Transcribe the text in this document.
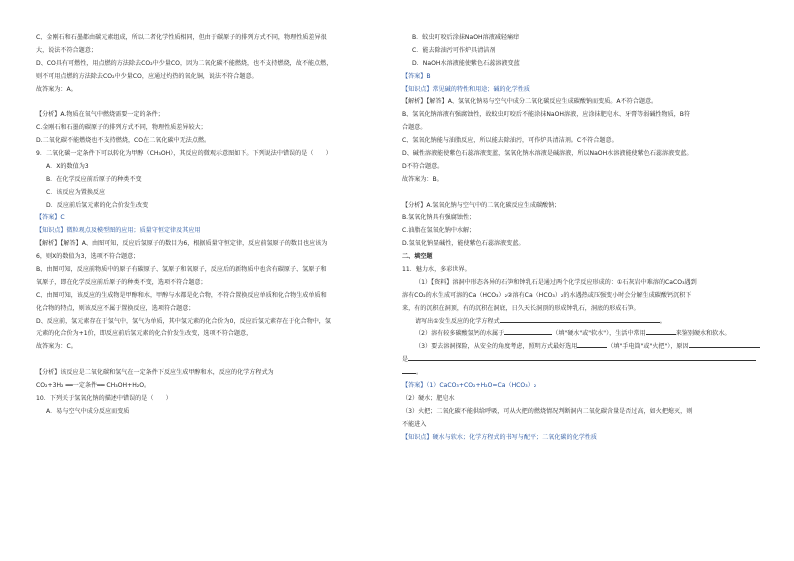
C、金刚石和石墨都由碳元素组成，所以二者化学性质相同，但由于碳原子的排列方式不同，物理性质差异很
大，说法不符合题意；
D、CO具有可燃性，用点燃的方法除去CO₂中少量CO，因为二氧化碳不能燃烧，也不支持燃烧，故不能点燃，
则不可用点燃的方法除去CO₂中少量CO，应通过灼热的氧化铜，说法不符合题意。
故答案为：A。
【分析】A.物质在氧气中燃烧需要一定的条件；
C.金刚石和石墨的碳原子的排列方式不同，物理性质差异较大；
D.二氧化碳不能燃烧也不支持燃烧，CO在二氧化碳中无法点燃。
9．二氧化碳一定条件下可以转化为甲醇（CH₃OH），其反应的微观示意图如下。下列说法中错误的是（　　）
A．X的数值为3
B．在化学反应前后原子的种类不变
C．该反应为置换反应
D．反应前后氢元素的化合价发生改变
【答案】C
【知识点】微粒观点及模型图的应用；质量守恒定律及其应用
【解析】【解答】A、由图可知，反应后氢原子的数目为6，根据质量守恒定律，反应前氢原子的数目也应该为
6，则X的数值为3，选项不符合题意；
B、由图可知，反应前物质中的原子有碳原子、氢原子和氧原子，反应后的新物质中也含有碳原子、氢原子和
氧原子，即在化学反应前后原子的种类不变，选项不符合题意；
C、由图可知，该反应的生成物是甲醇和水，甲醇与水都是化合物，不符合置换反应单质和化合物生成单质和
化合物的特点，则该反应不属于置换反应，选项符合题意；
D、反应前，氢元素存在于氢气中，氢气为单质，其中氢元素的化合价为0，反应后氢元素存在于化合物中，氢
元素的化合价为+1价，即反应前后氢元素的化合价发生改变，选项不符合题意，
故答案为：C。
【分析】该反应是二氧化碳和氢气在一定条件下反应生成甲醇和水，反应的化学方程式为
CO₂+3H₂ ══一定条件══ CH₃OH+H₂O。
10．下列关于氢氧化钠的描述中错误的是（　　）
A．易与空气中成分反应而变质
B．蚊虫叮咬后涂抹NaOH溶液减轻痛痒
C．能去除油污可作炉具清洁剂
D．NaOH水溶液能使紫色石蕊溶液变蓝
【答案】B
【知识点】常见碱的特性和用途；碱的化学性质
【解析】【解答】A、氢氧化钠易与空气中成分二氧化碳反应生成碳酸钠而变质。A不符合题意。
B、氢氧化钠溶液有强腐蚀性，故蚊虫叮咬后不能涂抹NaOH溶液，应涂抹肥皂水、牙膏等弱碱性物质，B符
合题意。
C、氢氧化钠能与油脂反应，所以能去除油污，可作炉具清洁剂。C不符合题意。
D、碱性溶液能使紫色石蕊溶液变蓝，氢氧化钠水溶液是碱溶液，所以NaOH水溶液能使紫色石蕊溶液变蓝。
D不符合题意。
故答案为：B。
【分析】A.氢氧化钠与空气中的二氧化碳反应生成碳酸钠；
B.氢氧化钠具有强腐蚀性；
C.油脂在氢氧化钠中水解；
D.氢氧化钠显碱性，能使紫色石蕊溶液变蓝。
二、填空题
11．魅力水，多彩世界。
（1）【资料】溶洞中形态各异的石笋和钟乳石是通过两个化学反应形成的：①石灰岩中难溶的CaCO₃遇到
溶有CO₂的水生成可溶的Ca（HCO₃）₂②溶有Ca（HCO₃）₂的水遇热或压强变小时会分解生成碳酸钙沉积下
来，有的沉积在洞顶，有的沉积在洞底，日久天长洞顶的形成钟乳石，洞底的形成石笋。
请写出①发生反应的化学方程式	。
（2）溶有较多碳酸氢钙的水属于	（填"硬水"或"软水"），生活中常用	来鉴别硬水和软水。
（3）要去溶洞探险，从安全的角度考虑，照明方式最好选用	（填"手电筒"或"火把"），原因
是
。
【答案】（1）CaCO₃+CO₂+H₂O=Ca（HCO₃）₂
（2）硬水；肥皂水
（3）火把；二氧化碳不能供给呼吸，可从火把的燃烧情况判断洞内二氧化碳含量是否过高，如火把熄灭，则
不能进入
【知识点】硬水与软水；化学方程式的书写与配平；二氧化碳的化学性质
